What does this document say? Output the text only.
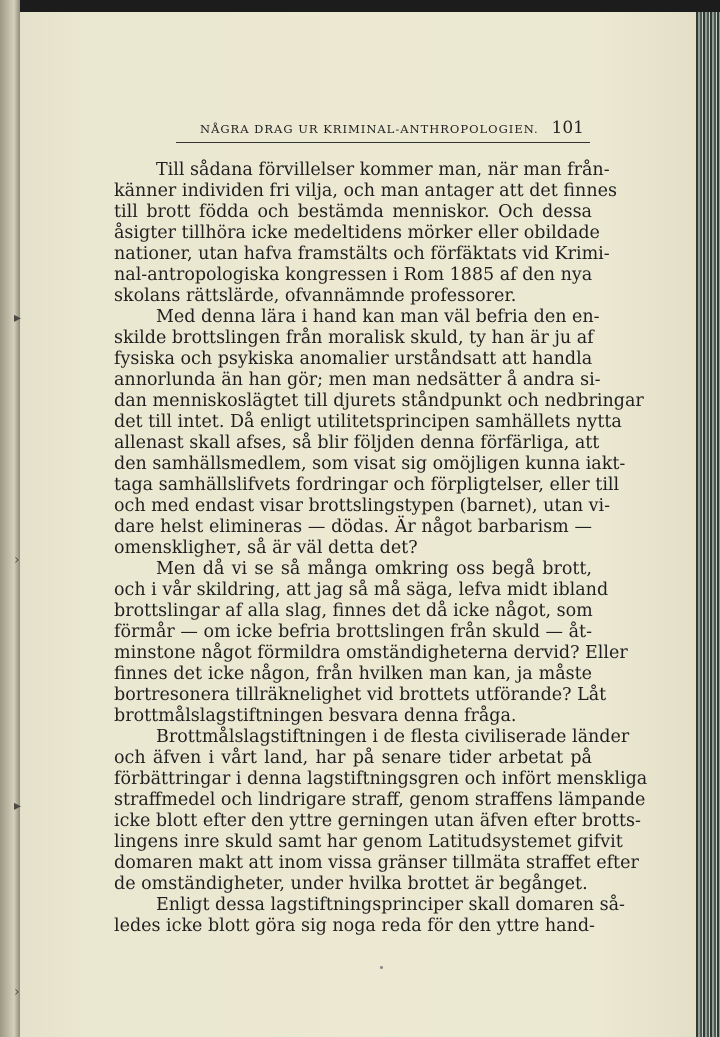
▸
›
▸
›
NÅGRA DRAG UR KRIMINAL-ANTHROPOLOGIEN. 101
Till sådana förvillelser kommer man, när man från-
känner individen fri vilja, och man antager att det finnes
till brott födda och bestämda menniskor. Och dessa
åsigter tillhöra icke medeltidens mörker eller obildade
nationer, utan hafva framstälts och förfäktats vid Krimi-
nal-antropologiska kongressen i Rom 1885 af den nya
skolans rättslärde, ofvannämnde professorer.
Med denna lära i hand kan man väl befria den en-
skilde brottslingen från moralisk skuld, ty han är ju af
fysiska och psykiska anomalier urståndsatt att handla
annorlunda än han gör; men man nedsätter å andra si-
dan menniskoslägtet till djurets ståndpunkt och nedbringar
det till intet. Då enligt utilitetsprincipen samhällets nytta
allenast skall afses, så blir följden denna förfärliga, att
den samhällsmedlem, som visat sig omöjligen kunna iakt-
taga samhällslifvets fordringar och förpligtelser, eller till
och med endast visar brottslingstypen (barnet), utan vi-
dare helst elimineras — dödas. Är något barbarism —
omenskligheт, så är väl detta det?
Men då vi se så många omkring oss begå brott,
och i vår skildring, att jag så må säga, lefva midt ibland
brottslingar af alla slag, finnes det då icke något, som
förmår — om icke befria brottslingen från skuld — åt-
minstone något förmildra omständigheterna dervid? Eller
finnes det icke någon, från hvilken man kan, ja måste
bortresonera tillräknelighet vid brottets utförande? Låt
brottmålslagstiftningen besvara denna fråga.
Brottmålslagstiftningen i de flesta civiliserade länder
och äfven i vårt land, har på senare tider arbetat på
förbättringar i denna lagstiftningsgren och infört menskliga
straffmedel och lindrigare straff, genom straffens lämpande
icke blott efter den yttre gerningen utan äfven efter brotts-
lingens inre skuld samt har genom Latitudsystemet gifvit
domaren makt att inom vissa gränser tillmäta straffet efter
de omständigheter, under hvilka brottet är begånget.
Enligt dessa lagstiftningsprinciper skall domaren så-
ledes icke blott göra sig noga reda för den yttre hand-
